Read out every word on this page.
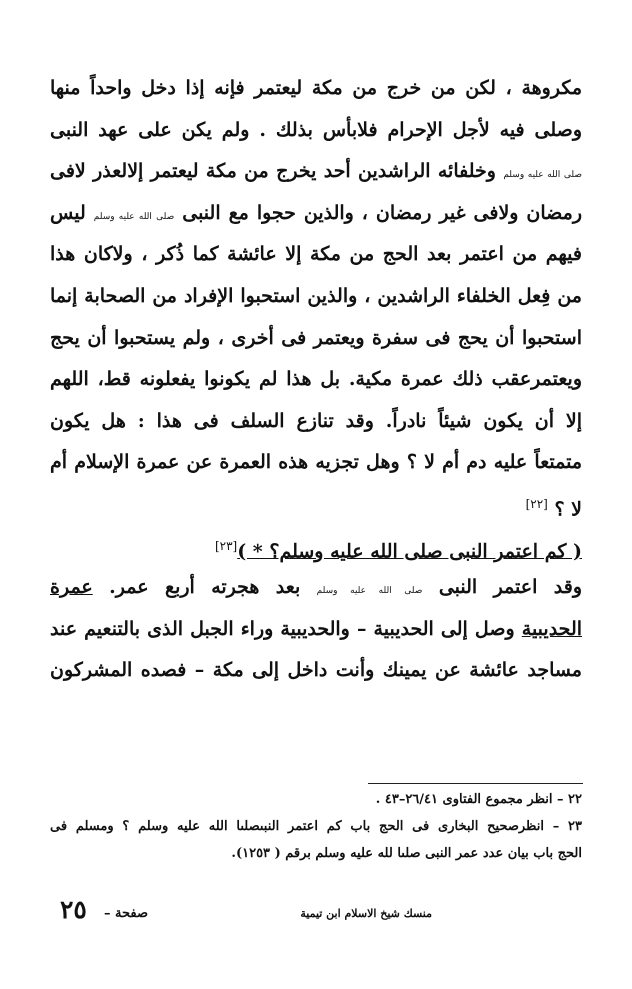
مكروهة ، لكن من خرج من مكة ليعتمر فإنه إذا دخل واحداً منها
وصلى فيه لأجل الإحرام فلابأس بذلك . ولم يكن على عهد النبى
صلى الله عليه وسلم وخلفائه الراشدين أحد يخرج من مكة ليعتمر إلالعذر لافى
رمضان ولافى غير رمضان ، والذين حجوا مع النبى صلى الله عليه وسلم ليس
فيهم من اعتمر بعد الحج من مكة إلا عائشة كما ذُكر ، ولاكان هذا
من فِعل الخلفاء الراشدين ، والذين استحبوا الإفراد من الصحابة إنما
استحبوا أن يحج فى سفرة ويعتمر فى أخرى ، ولم يستحبوا أن يحج
ويعتمرعقب ذلك عمرة مكية. بل هذا لم يكونوا يفعلونه قط، اللهم
إلا أن يكون شيئاً نادراً. وقد تنازع السلف فى هذا : هل يكون
متمتعاً عليه دم أم لا ؟ وهل تجزيه هذه العمرة عن عمرة الإسلام أم
لا ؟ [٢٢]
( كم اعتمر النبى صلى الله عليه وسلم؟ * )[٢٣]
وقد اعتمر النبى صلى الله عليه وسلم بعد هجرته أربع عمر. عمرة
الحديبية وصل إلى الحديبية – والحديبية وراء الجبل الذى بالتنعيم عند
مساجد عائشة عن يمينك وأنت داخل إلى مكة – فصده المشركون
٢٢ – انظر مجموع الفتاوى ٢٦/٤١–٤٣ .
٢٣ – انظرصحيح البخارى فى الحج باب كم اعتمر النبىصلىا الله عليه وسلم ؟ ومسلم فى
الحج باب بيان عدد عمر النبى صلىا لله عليه وسلم برقم ( ١٢٥٣).
منسك شيخ الاسلام ابن تيمية
صفحة –
٢٥
